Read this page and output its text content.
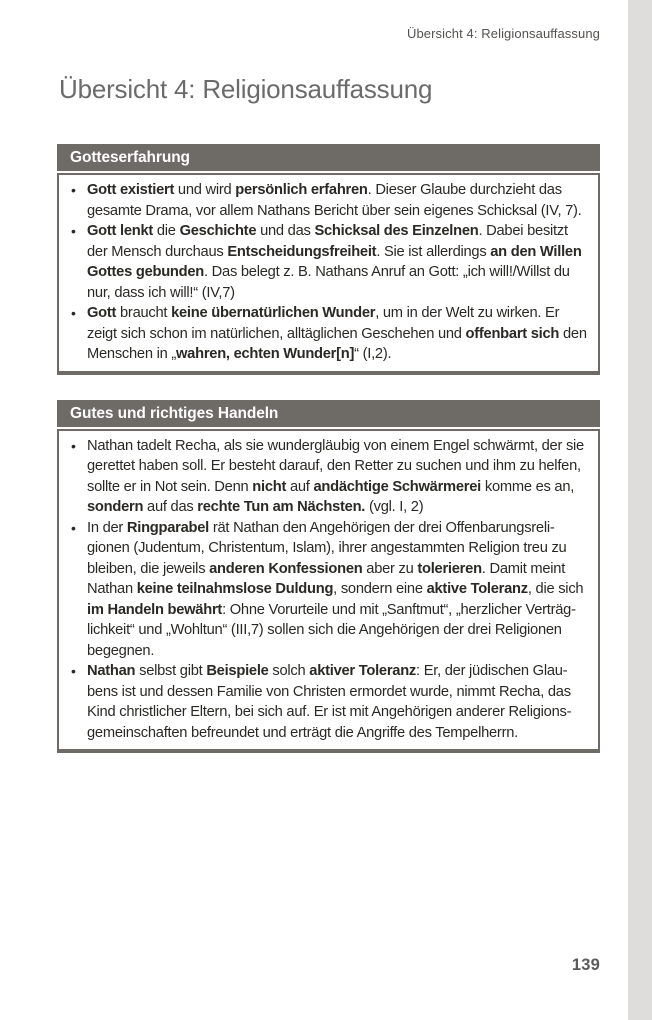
Übersicht 4: Religionsauffassung
Übersicht 4: Religionsauffassung
Gotteserfahrung
• Gott existiert und wird persönlich erfahren. Dieser Glaube durchzieht das gesamte Drama, vor allem Nathans Bericht über sein eigenes Schicksal (IV, 7).
• Gott lenkt die Geschichte und das Schicksal des Einzelnen. Dabei besitzt der Mensch durchaus Entscheidungsfreiheit. Sie ist allerdings an den Willen Gottes gebunden. Das belegt z. B. Nathans Anruf an Gott: „ich will!/Willst du nur, dass ich will!“ (IV,7)
• Gott braucht keine übernatürlichen Wunder, um in der Welt zu wirken. Er zeigt sich schon im natürlichen, alltäglichen Geschehen und offenbart sich den Menschen in „wahren, echten Wunder[n]“ (I,2).
Gutes und richtiges Handeln
• Nathan tadelt Recha, als sie wundergläubig von einem Engel schwärmt, der sie gerettet haben soll. Er besteht darauf, den Retter zu suchen und ihm zu helfen, sollte er in Not sein. Denn nicht auf andächtige Schwärmerei komme es an, sondern auf das rechte Tun am Nächsten. (vgl. I, 2)
• In der Ringparabel rät Nathan den Angehörigen der drei Offenbarungsreligionen (Judentum, Christentum, Islam), ihrer angestammten Religion treu zu bleiben, die jeweils anderen Konfessionen aber zu tolerieren. Damit meint Nathan keine teilnahmslose Duldung, sondern eine aktive Toleranz, die sich im Handeln bewährt: Ohne Vorurteile und mit „Sanftmut“, „herzlicher Verträglichkeit“ und „Wohltun“ (III,7) sollen sich die Angehörigen der drei Religionen begegnen.
• Nathan selbst gibt Beispiele solch aktiver Toleranz: Er, der jüdischen Glaubens ist und dessen Familie von Christen ermordet wurde, nimmt Recha, das Kind christlicher Eltern, bei sich auf. Er ist mit Angehörigen anderer Religionsgemeinschaften befreundet und erträgt die Angriffe des Tempelherrn.
139
